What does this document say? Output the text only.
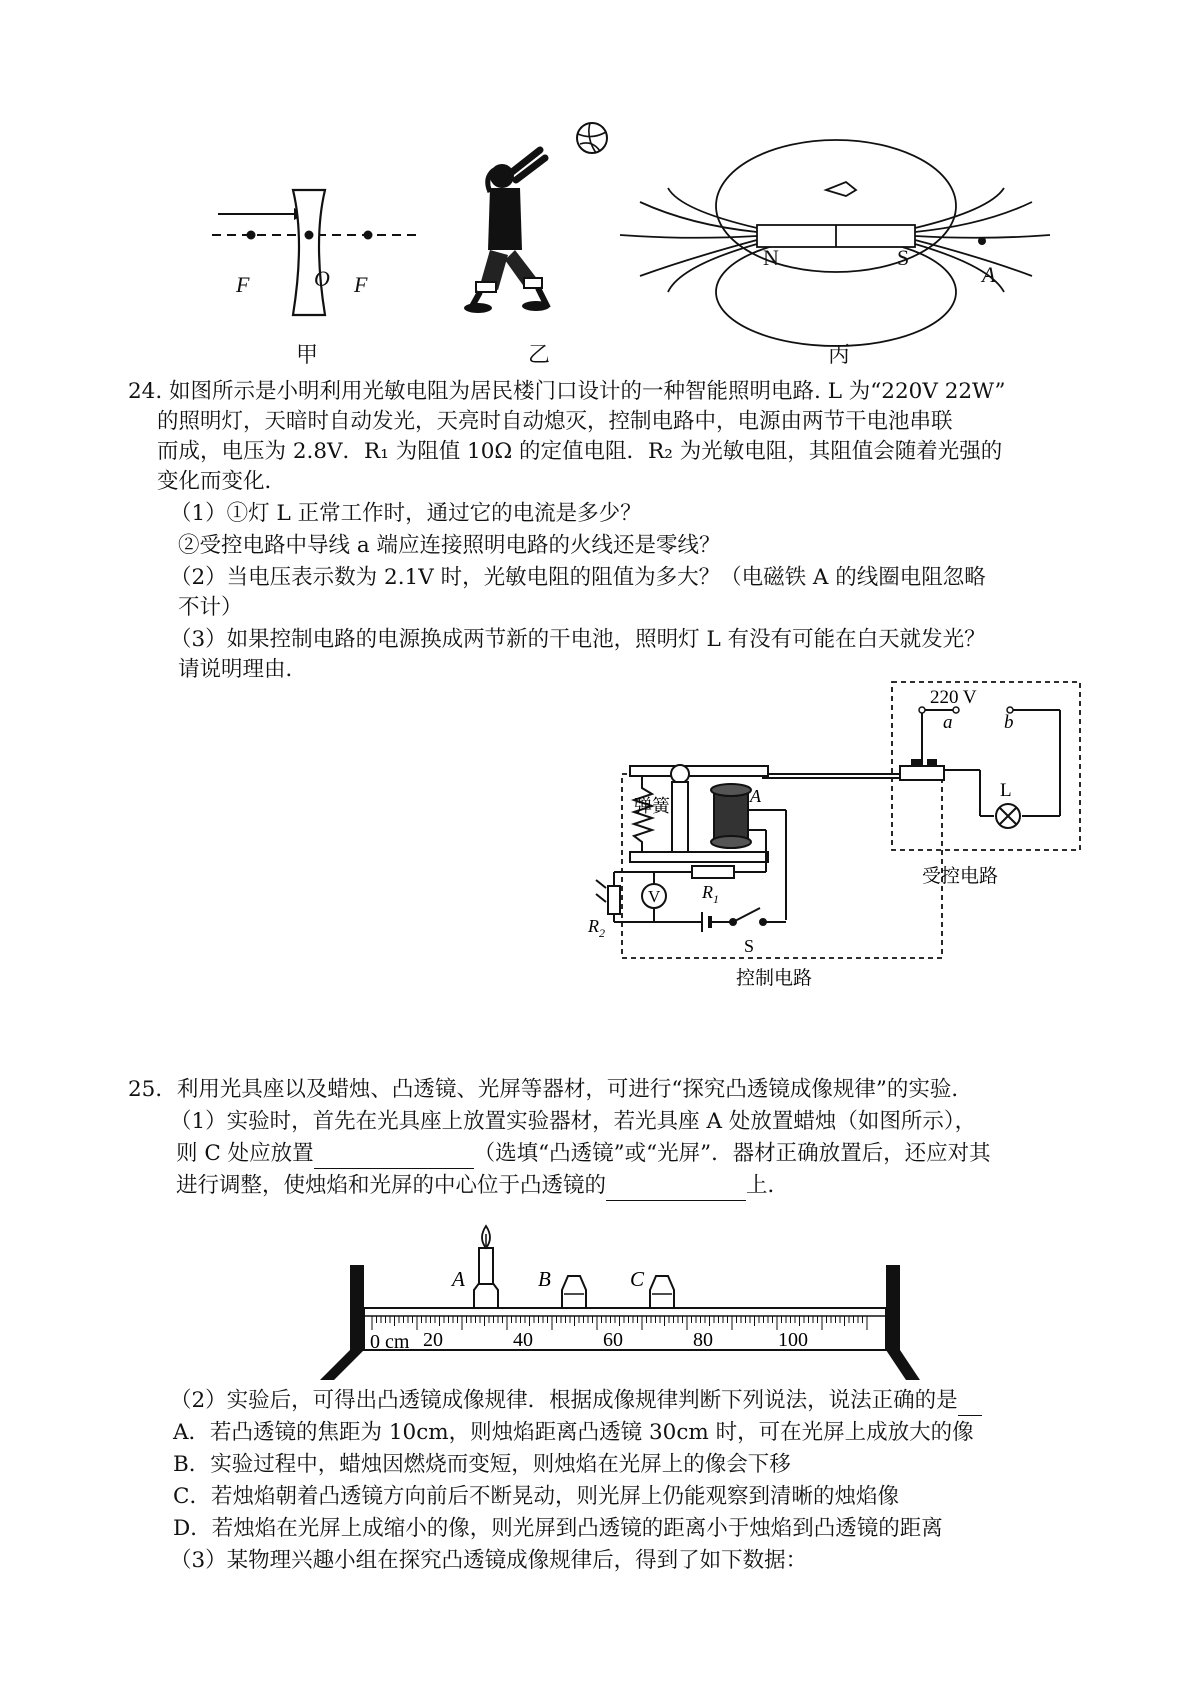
F	O F
N	S
A
甲	乙	丙
24. 如图所示是小明利用光敏电阻为居民楼门口设计的一种智能照明电路. L 为“220V 22W”
的照明灯，天暗时自动发光，天亮时自动熄灭，控制电路中，电源由两节干电池串联
而成，电压为 2.8V．R₁ 为阻值 10Ω 的定值电阻．R₂ 为光敏电阻，其阻值会随着光强的
变化而变化．
（1）①灯 L 正常工作时，通过它的电流是多少？
②受控电路中导线 a 端应连接照明电路的火线还是零线？
（2）当电压表示数为 2.1V 时，光敏电阻的阻值为多大？（电磁铁 A 的线圈电阻忽略
不计）
（3）如果控制电路的电源换成两节新的干电池，照明灯 L 有没有可能在白天就发光？
请说明理由．
220 V
a	b
L
弹簧	A
V $R_1$
$R_2$
S
受控电路
控制电路
25．利用光具座以及蜡烛、凸透镜、光屏等器材，可进行“探究凸透镜成像规律”的实验．
（1）实验时，首先在光具座上放置实验器材，若光具座 A 处放置蜡烛（如图所示），
则 C 处应放置	（选填“凸透镜”或“光屏”．器材正确放置后，还应对其
进行调整，使烛焰和光屏的中心位于凸透镜的	上．
A	B	C
0 cm 20	40	60	80	100
（2）实验后，可得出凸透镜成像规律．根据成像规律判断下列说法，说法正确的是
A．若凸透镜的焦距为 10cm，则烛焰距离凸透镜 30cm 时，可在光屏上成放大的像
B．实验过程中，蜡烛因燃烧而变短，则烛焰在光屏上的像会下移
C．若烛焰朝着凸透镜方向前后不断晃动，则光屏上仍能观察到清晰的烛焰像
D．若烛焰在光屏上成缩小的像，则光屏到凸透镜的距离小于烛焰到凸透镜的距离
（3）某物理兴趣小组在探究凸透镜成像规律后，得到了如下数据：
